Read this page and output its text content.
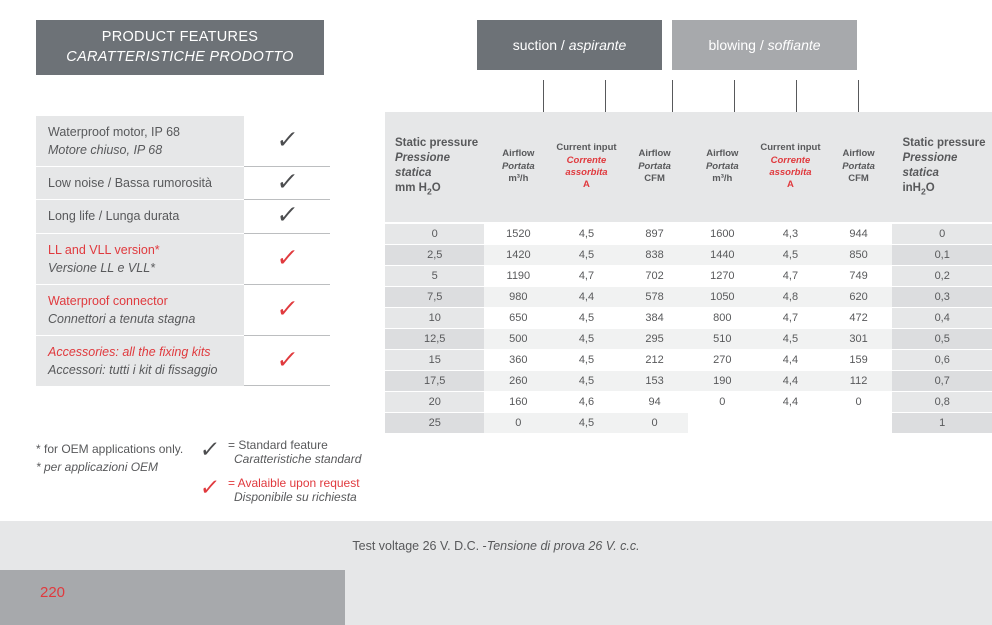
PRODUCT FEATURES
CARATTERISTICHE PRODOTTO
Waterproof motor, IP 68
Motore chiuso, IP 68	✓
Low noise / Bassa rumorosità	✓
Long life / Lunga durata	✓
LL and VLL version*
Versione LL e VLL*	✓
Waterproof connector
Connettori a tenuta stagna	✓
Accessories: all the fixing kits
Accessori: tutti i kit di fissaggio	✓
* for OEM applications only.
* per applicazioni OEM
✓ = Standard feature
Caratteristiche standard
✓ = Avalaible upon request
Disponibile su richiesta
suction / aspirante	blowing / soffiante
Static pressure
Pressione statica
mm $H_2O$	Airflow
Portata
m³/h	Current input
Corrente assorbita
A	Airflow
Portata
CFM	Airflow
Portata
m³/h	Current input
Corrente assorbita
A	Airflow
Portata
CFM	Static pressure
Pressione statica
inH$_2$O

0	1520	4,5	897	1600	4,3	944	0
2,5	1420	4,5	838	1440	4,5	850	0,1
5	1190	4,7	702	1270	4,7	749	0,2
7,5	980	4,4	578	1050	4,8	620	0,3
10	650	4,5	384	800	4,7	472	0,4
12,5	500	4,5	295	510	4,5	301	0,5
15	360	4,5	212	270	4,4	159	0,6
17,5	260	4,5	153	190	4,4	112	0,7
20	160	4,6	94	0	4,4	0	0,8
25	0	4,5	0				1
Test voltage 26 V. D.C. - Tensione di prova 26 V. c.c.
220
